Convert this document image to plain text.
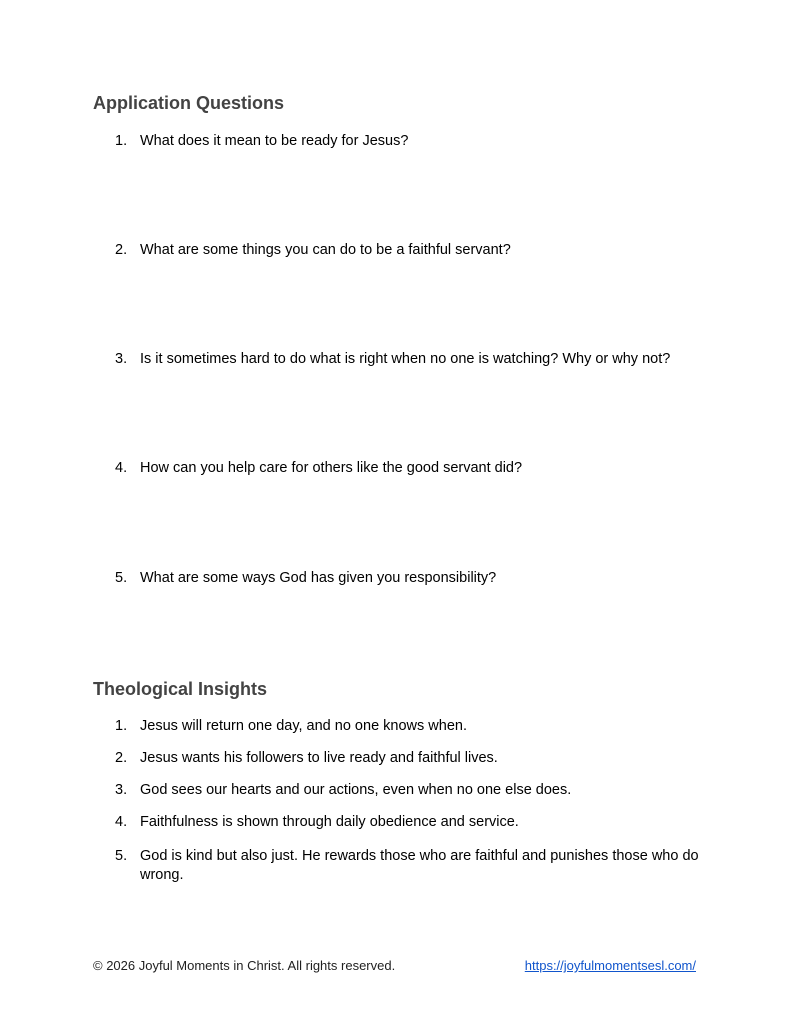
Application Questions
1. What does it mean to be ready for Jesus?
2. What are some things you can do to be a faithful servant?
3. Is it sometimes hard to do what is right when no one is watching? Why or why not?
4. How can you help care for others like the good servant did?
5. What are some ways God has given you responsibility?
Theological Insights
1. Jesus will return one day, and no one knows when.
2. Jesus wants his followers to live ready and faithful lives.
3. God sees our hearts and our actions, even when no one else does.
4. Faithfulness is shown through daily obedience and service.
5. God is kind but also just. He rewards those who are faithful and punishes those who do wrong.
© 2026 Joyful Moments in Christ. All rights reserved.	https://joyfulmomentsesl.com/
